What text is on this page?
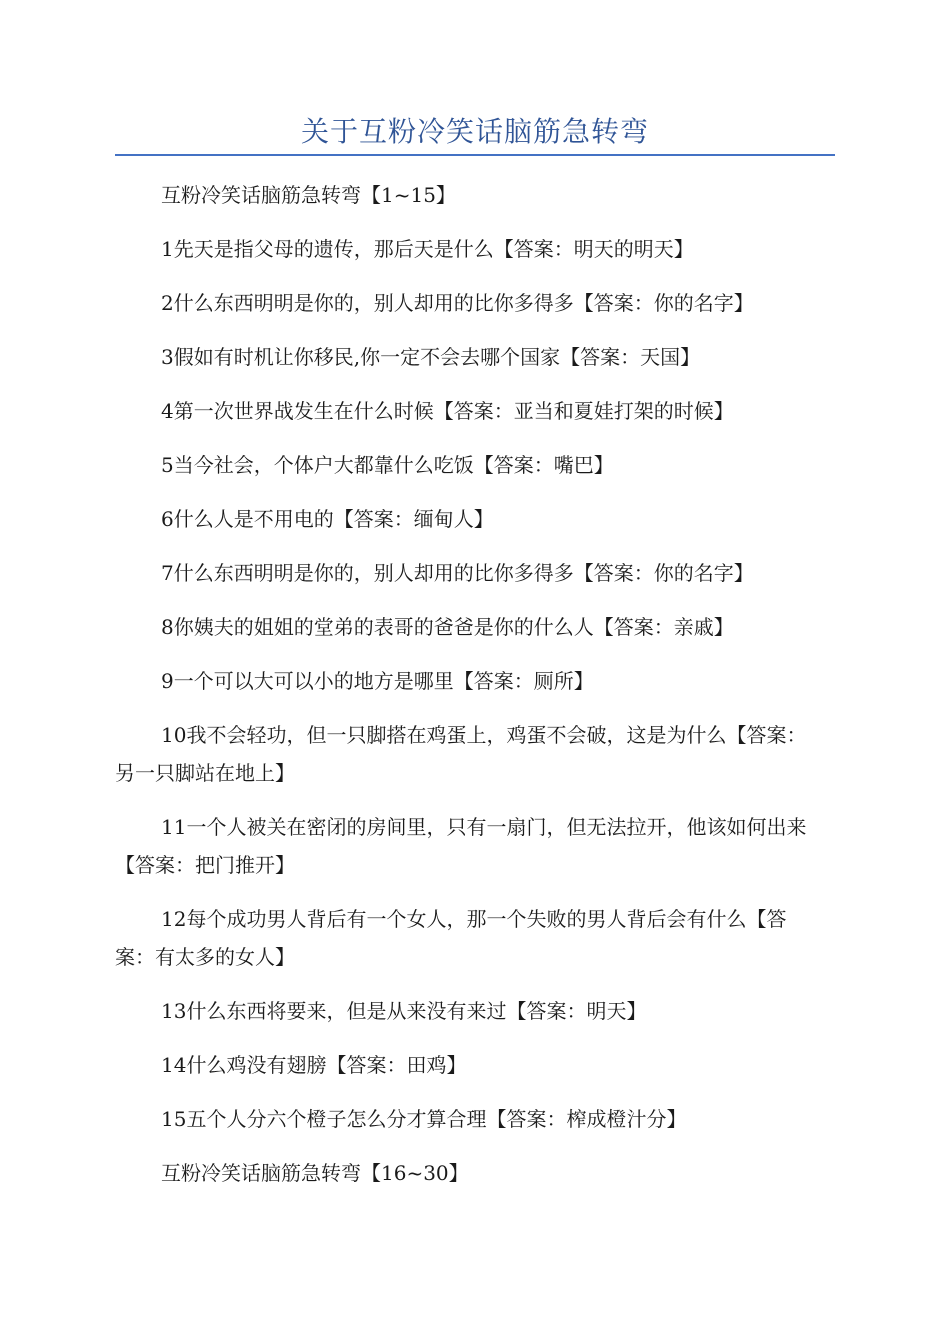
关于互粉冷笑话脑筋急转弯

互粉冷笑话脑筋急转弯【1~15】

1先天是指父母的遗传，那后天是什么【答案：明天的明天】

2什么东西明明是你的，别人却用的比你多得多【答案：你的名字】

3假如有时机让你移民,你一定不会去哪个国家【答案：天国】

4第一次世界战发生在什么时候【答案：亚当和夏娃打架的时候】

5当今社会，个体户大都靠什么吃饭【答案：嘴巴】

6什么人是不用电的【答案：缅甸人】

7什么东西明明是你的，别人却用的比你多得多【答案：你的名字】

8你姨夫的姐姐的堂弟的表哥的爸爸是你的什么人【答案：亲戚】

9一个可以大可以小的地方是哪里【答案：厕所】

10我不会轻功，但一只脚搭在鸡蛋上，鸡蛋不会破，这是为什么【答案：另一只脚站在地上】

11一个人被关在密闭的房间里，只有一扇门，但无法拉开，他该如何出来【答案：把门推开】

12每个成功男人背后有一个女人，那一个失败的男人背后会有什么【答案：有太多的女人】

13什么东西将要来，但是从来没有来过【答案：明天】

14什么鸡没有翅膀【答案：田鸡】

15五个人分六个橙子怎么分才算合理【答案：榨成橙汁分】

互粉冷笑话脑筋急转弯【16~30】
